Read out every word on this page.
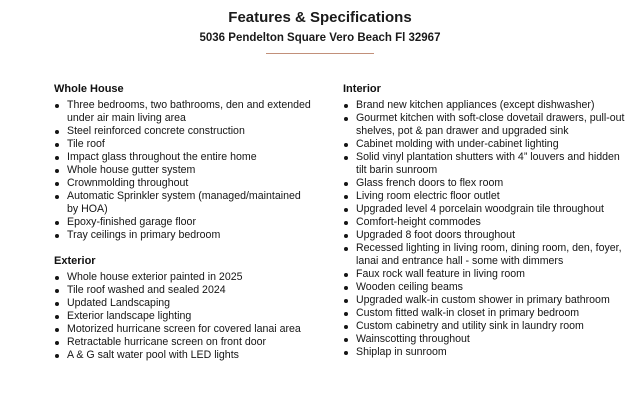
Features & Specifications
5036 Pendelton Square Vero Beach Fl 32967
Whole House
Three bedrooms, two bathrooms, den and extended under air main living area
Steel reinforced concrete construction
Tile roof
Impact glass throughout the entire home
Whole house gutter system
Crownmolding throughout
Automatic Sprinkler system (managed/maintained by HOA)
Epoxy-finished garage floor
Tray ceilings in primary bedroom
Exterior
Whole house exterior painted in 2025
Tile roof washed and sealed 2024
Updated Landscaping
Exterior landscape lighting
Motorized hurricane screen for covered lanai area
Retractable hurricane screen on front door
A & G salt water pool with LED lights
Interior
Brand new kitchen appliances (except dishwasher)
Gourmet kitchen with soft-close dovetail drawers, pull-out shelves, pot & pan drawer and upgraded sink
Cabinet molding with under-cabinet lighting
Solid vinyl plantation shutters with 4” louvers and hidden tilt barin sunroom
Glass french doors to flex room
Living room electric floor outlet
Upgraded level 4 porcelain woodgrain tile throughout
Comfort-height commodes
Upgraded 8 foot doors throughout
Recessed lighting in living room, dining room, den, foyer, lanai and entrance hall - some with dimmers
Faux rock wall feature in living room
Wooden ceiling beams
Upgraded walk-in custom shower in primary bathroom
Custom fitted walk-in closet in primary bedroom
Custom cabinetry and utility sink in laundry room
Wainscotting throughout
Shiplap in sunroom
